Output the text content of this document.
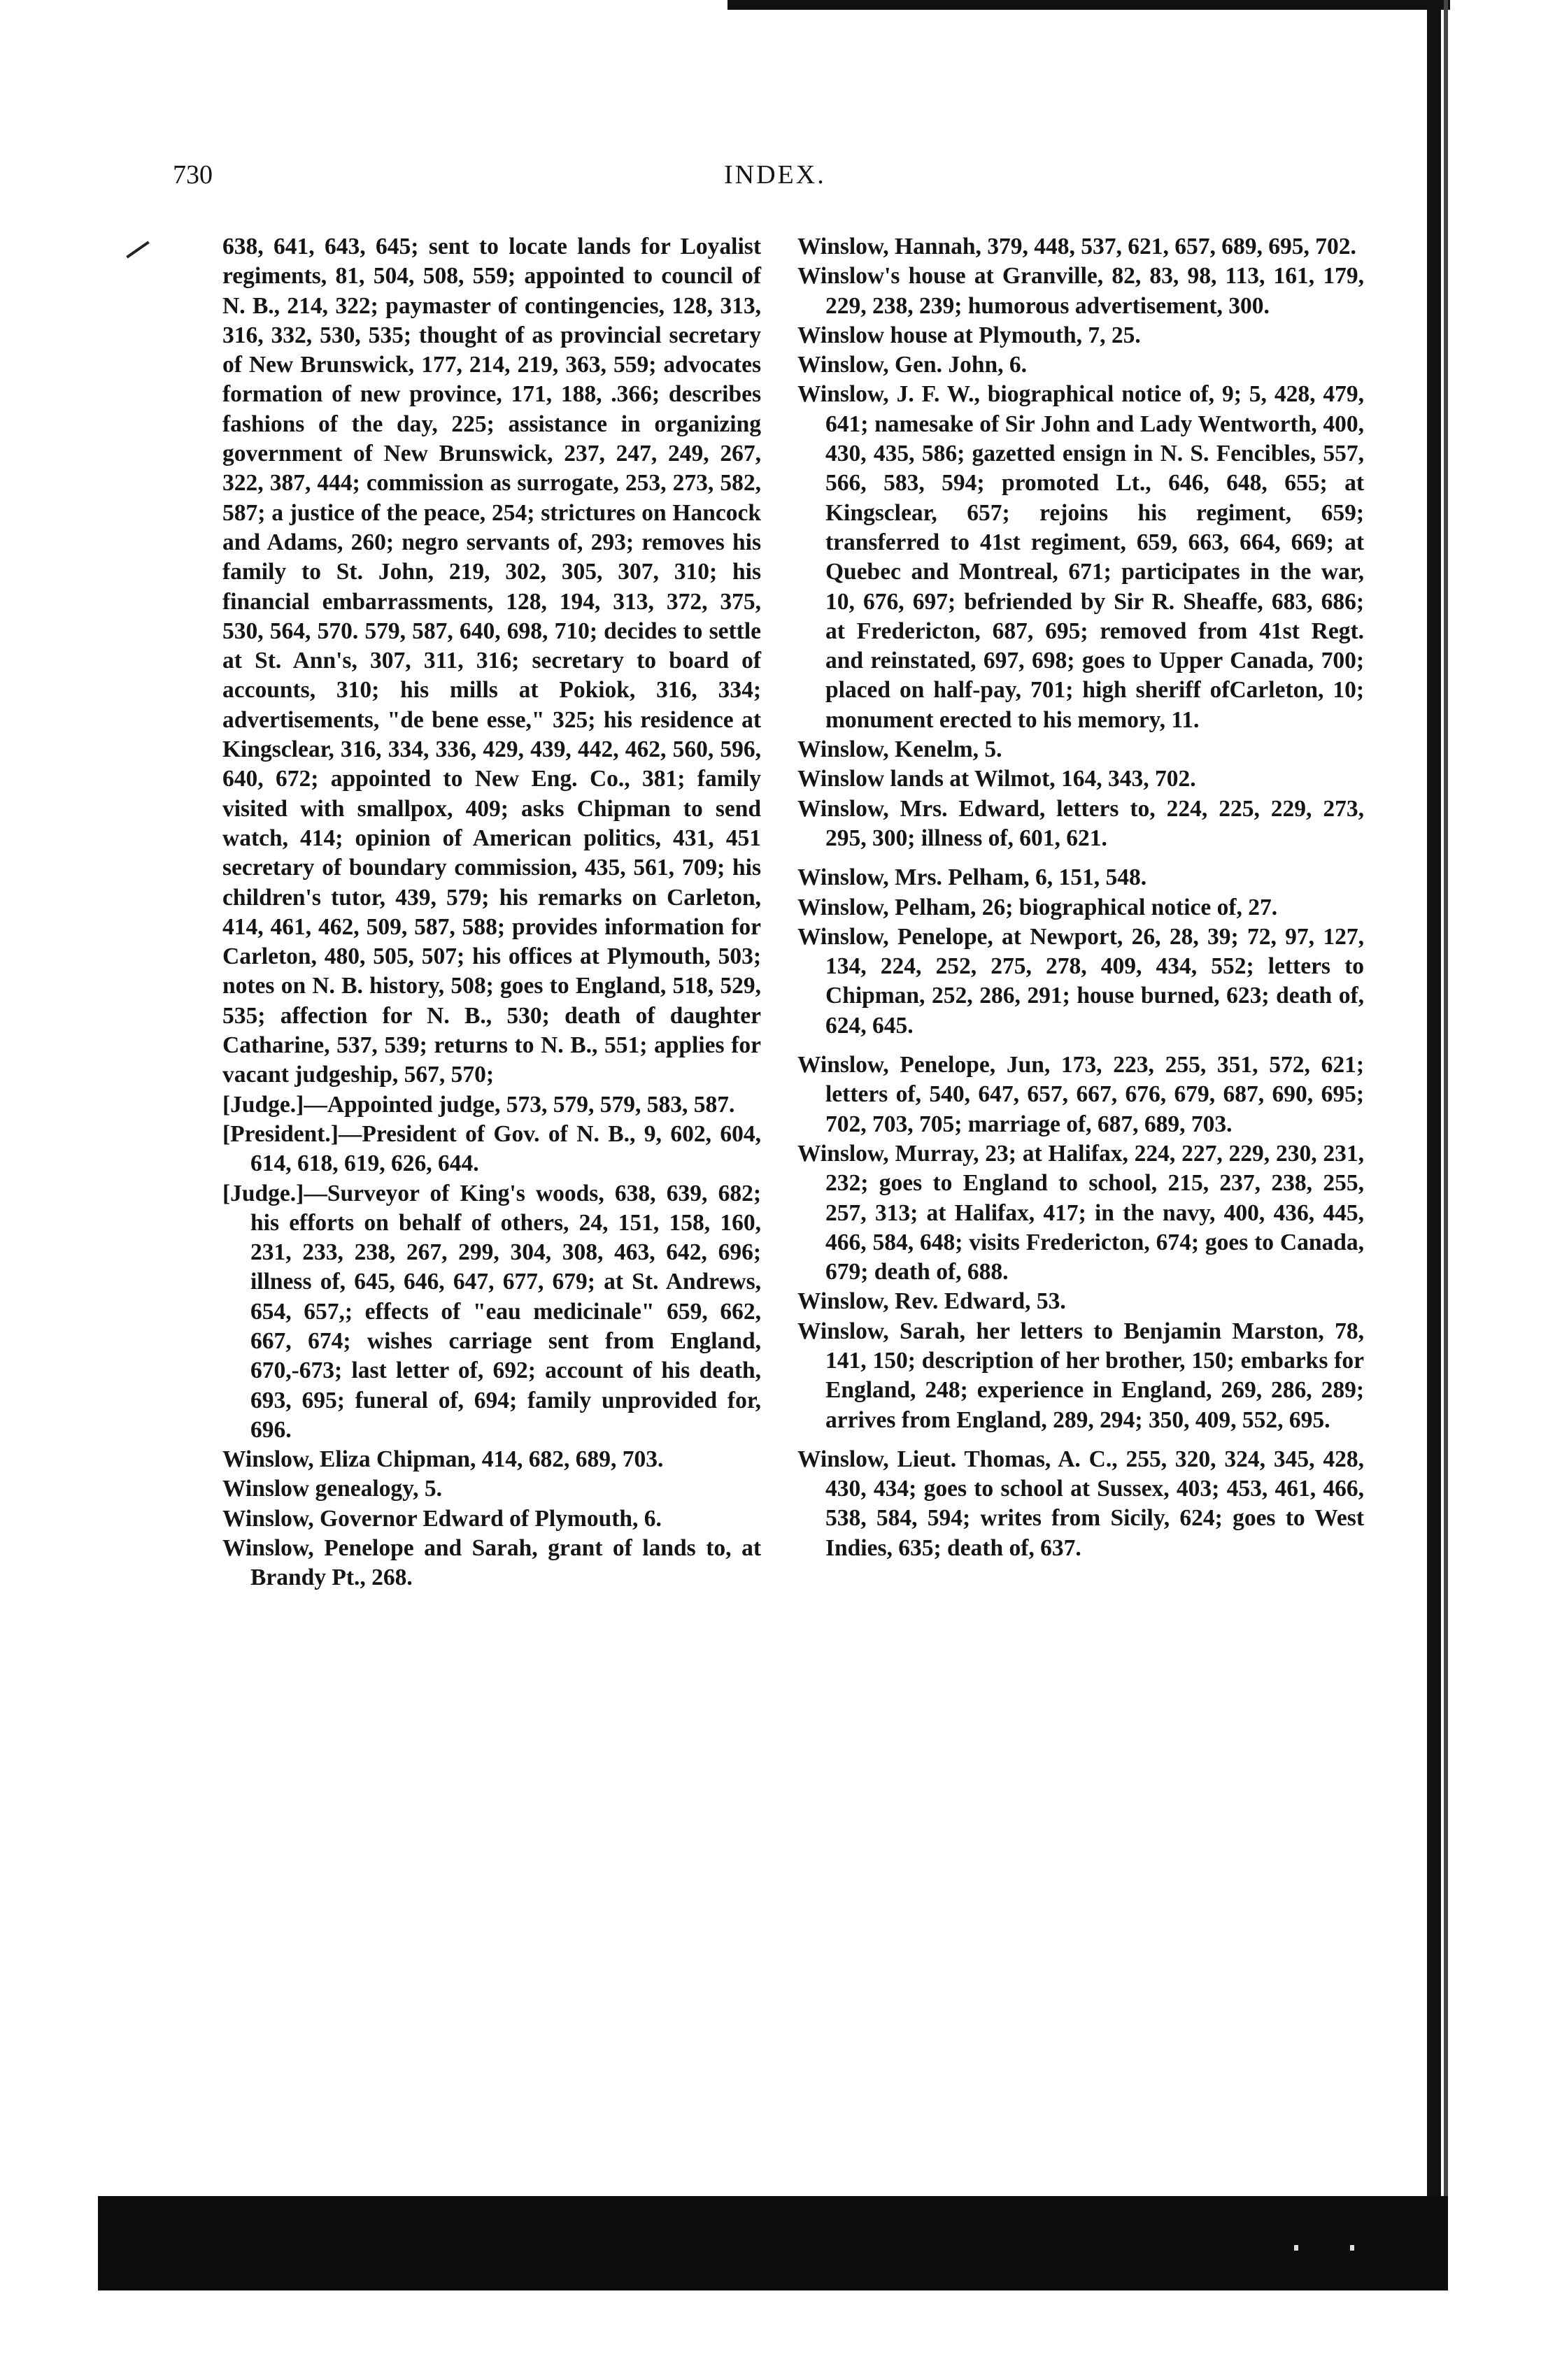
730	INDEX.
638, 641, 643, 645; sent to locate lands for Loyalist regiments, 81, 504, 508, 559; appointed to council of N. B., 214, 322; paymaster of contingencies, 128, 313, 316, 332, 530, 535; thought of as provincial secretary of New Brunswick, 177, 214, 219, 363, 559; advocates formation of new province, 171, 188, .366; describes fashions of the day, 225; assistance in organizing government of New Brunswick, 237, 247, 249, 267, 322, 387, 444; commission as surrogate, 253, 273, 582, 587; a justice of the peace, 254; strictures on Hancock and Adams, 260; negro servants of, 293; removes his family to St. John, 219, 302, 305, 307, 310; his financial embarrassments, 128, 194, 313, 372, 375, 530, 564, 570. 579, 587, 640, 698, 710; decides to settle at St. Ann's, 307, 311, 316; secretary to board of accounts, 310; his mills at Pokiok, 316, 334; advertisements, "de bene esse," 325; his residence at Kingsclear, 316, 334, 336, 429, 439, 442, 462, 560, 596, 640, 672; appointed to New Eng. Co., 381; family visited with smallpox, 409; asks Chipman to send watch, 414; opinion of American politics, 431, 451 secretary of boundary commission, 435, 561, 709; his children's tutor, 439, 579; his remarks on Carleton, 414, 461, 462, 509, 587, 588; provides information for Carleton, 480, 505, 507; his offices at Plymouth, 503; notes on N. B. history, 508; goes to England, 518, 529, 535; affection for N. B., 530; death of daughter Catharine, 537, 539; returns to N. B., 551; applies for vacant judgeship, 567, 570;
[Judge.]—Appointed judge, 573, 579, 579, 583, 587.
[President.]—President of Gov. of N. B., 9, 602, 604, 614, 618, 619, 626, 644.
[Judge.]—Surveyor of King's woods, 638, 639, 682; his efforts on behalf of others, 24, 151, 158, 160, 231, 233, 238, 267, 299, 304, 308, 463, 642, 696; illness of, 645, 646, 647, 677, 679; at St. Andrews, 654, 657,; effects of "eau medicinale" 659, 662, 667, 674; wishes carriage sent from England, 670,-673; last letter of, 692; account of his death, 693, 695; funeral of, 694; family unprovided for, 696.
Winslow, Eliza Chipman, 414, 682, 689, 703.
Winslow genealogy, 5.
Winslow, Governor Edward of Plymouth, 6.
Winslow, Penelope and Sarah, grant of lands to, at Brandy Pt., 268.
Winslow, Hannah, 379, 448, 537, 621, 657, 689, 695, 702.
Winslow's house at Granville, 82, 83, 98, 113, 161, 179, 229, 238, 239; humorous advertisement, 300.
Winslow house at Plymouth, 7, 25.
Winslow, Gen. John, 6.
Winslow, J. F. W., biographical notice of, 9; 5, 428, 479, 641; namesake of Sir John and Lady Wentworth, 400, 430, 435, 586; gazetted ensign in N. S. Fencibles, 557, 566, 583, 594; promoted Lt., 646, 648, 655; at Kingsclear, 657; rejoins his regiment, 659; transferred to 41st regiment, 659, 663, 664, 669; at Quebec and Montreal, 671; participates in the war, 10, 676, 697; befriended by Sir R. Sheaffe, 683, 686; at Fredericton, 687, 695; removed from 41st Regt. and reinstated, 697, 698; goes to Upper Canada, 700; placed on half-pay, 701; high sheriff ofCarleton, 10; monument erected to his memory, 11.
Winslow, Kenelm, 5.
Winslow lands at Wilmot, 164, 343, 702.
Winslow, Mrs. Edward, letters to, 224, 225, 229, 273, 295, 300; illness of, 601, 621.
Winslow, Mrs. Pelham, 6, 151, 548.
Winslow, Pelham, 26; biographical notice of, 27.
Winslow, Penelope, at Newport, 26, 28, 39; 72, 97, 127, 134, 224, 252, 275, 278, 409, 434, 552; letters to Chipman, 252, 286, 291; house burned, 623; death of, 624, 645.
Winslow, Penelope, Jun, 173, 223, 255, 351, 572, 621; letters of, 540, 647, 657, 667, 676, 679, 687, 690, 695; 702, 703, 705; marriage of, 687, 689, 703.
Winslow, Murray, 23; at Halifax, 224, 227, 229, 230, 231, 232; goes to England to school, 215, 237, 238, 255, 257, 313; at Halifax, 417; in the navy, 400, 436, 445, 466, 584, 648; visits Fredericton, 674; goes to Canada, 679; death of, 688.
Winslow, Rev. Edward, 53.
Winslow, Sarah, her letters to Benjamin Marston, 78, 141, 150; description of her brother, 150; embarks for England, 248; experience in England, 269, 286, 289; arrives from England, 289, 294; 350, 409, 552, 695.
Winslow, Lieut. Thomas, A. C., 255, 320, 324, 345, 428, 430, 434; goes to school at Sussex, 403; 453, 461, 466, 538, 584, 594; writes from Sicily, 624; goes to West Indies, 635; death of, 637.
